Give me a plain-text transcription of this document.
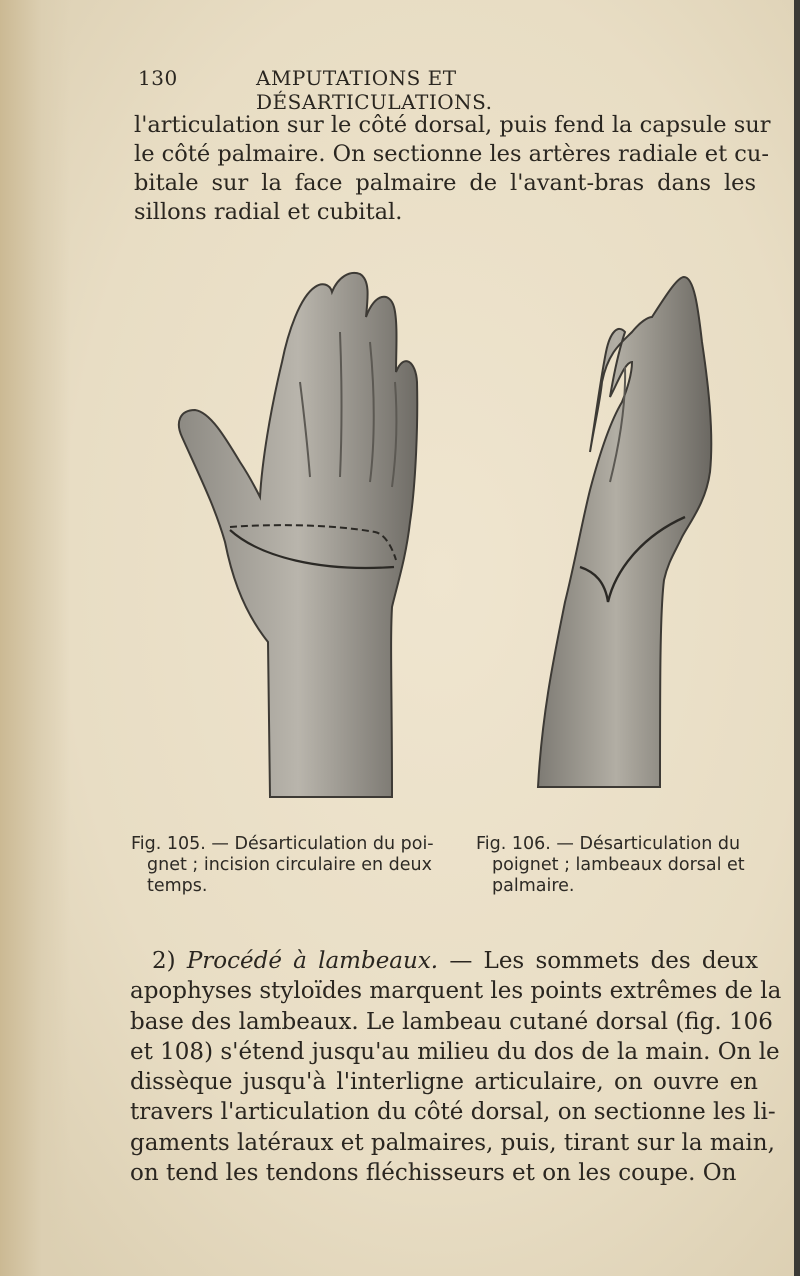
130	AMPUTATIONS ET DÉSARTICULATIONS.
l'articulation sur le côté dorsal, puis fend la capsule sur
le côté palmaire. On sectionne les artères radiale et cu-
bitale sur la face palmaire de l'avant-bras dans les
sillons radial et cubital.
Fig. 105. — Désarticulation du poi-
gnet ; incision circulaire en deux
temps.
Fig. 106. — Désarticulation du
poignet ; lambeaux dorsal et
palmaire.
2) Procédé à lambeaux. — Les sommets des deux
apophyses styloïdes marquent les points extrêmes de la
base des lambeaux. Le lambeau cutané dorsal (fig. 106
et 108) s'étend jusqu'au milieu du dos de la main. On le
dissèque jusqu'à l'interligne articulaire, on ouvre en
travers l'articulation du côté dorsal, on sectionne les li-
gaments latéraux et palmaires, puis, tirant sur la main,
on tend les tendons fléchisseurs et on les coupe. On
